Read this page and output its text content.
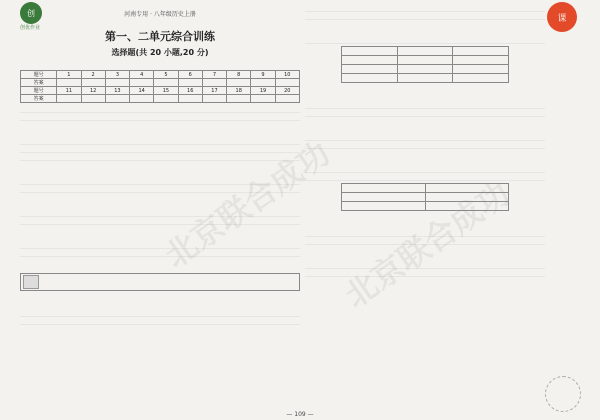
北京联合成功 北京联合成功
创
创优作业
河南专用 · 八年级历史上册
第一、二单元综合训练
选择题(共 20 小题,20 分)
题号	1	2	3	4	5	6	7	8	9	10
答案										
题号	11	12	13	14	15	16	17	18	19	20
答案										
课

— 109 —
